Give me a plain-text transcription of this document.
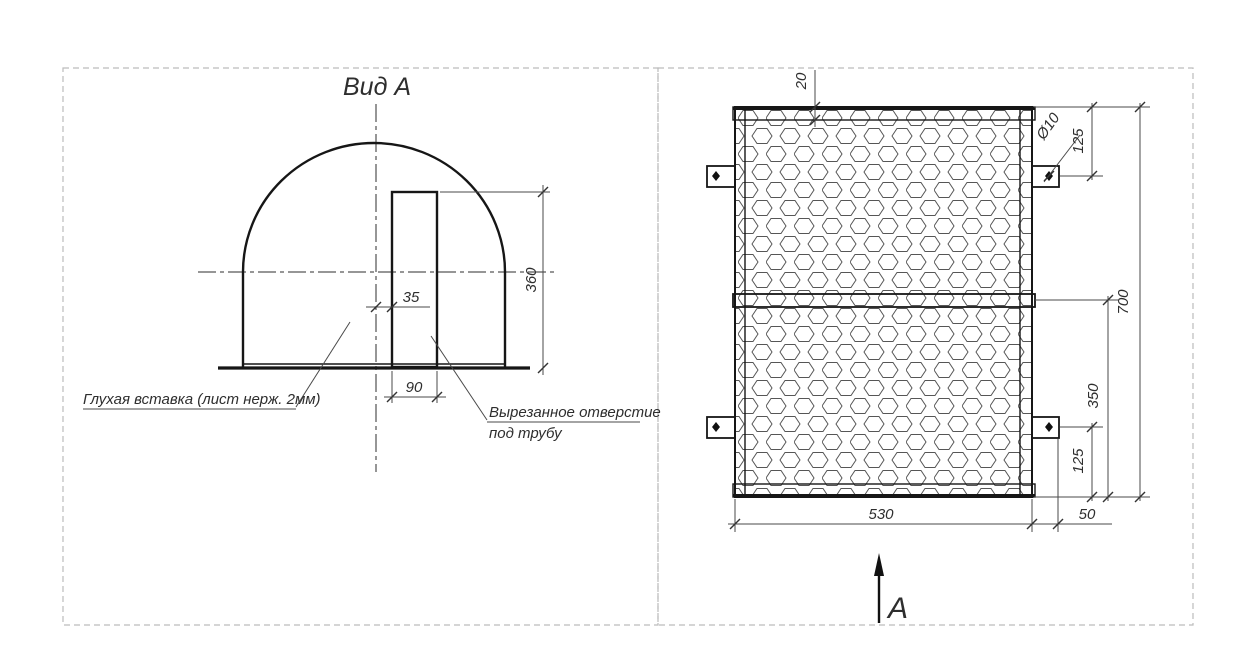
Вид А
35
90
360
Глухая вставка (лист нерж. 2мм)
Вырезанное отверстие
под трубу
20
Ø10 125
700
350
125
530	50
А
